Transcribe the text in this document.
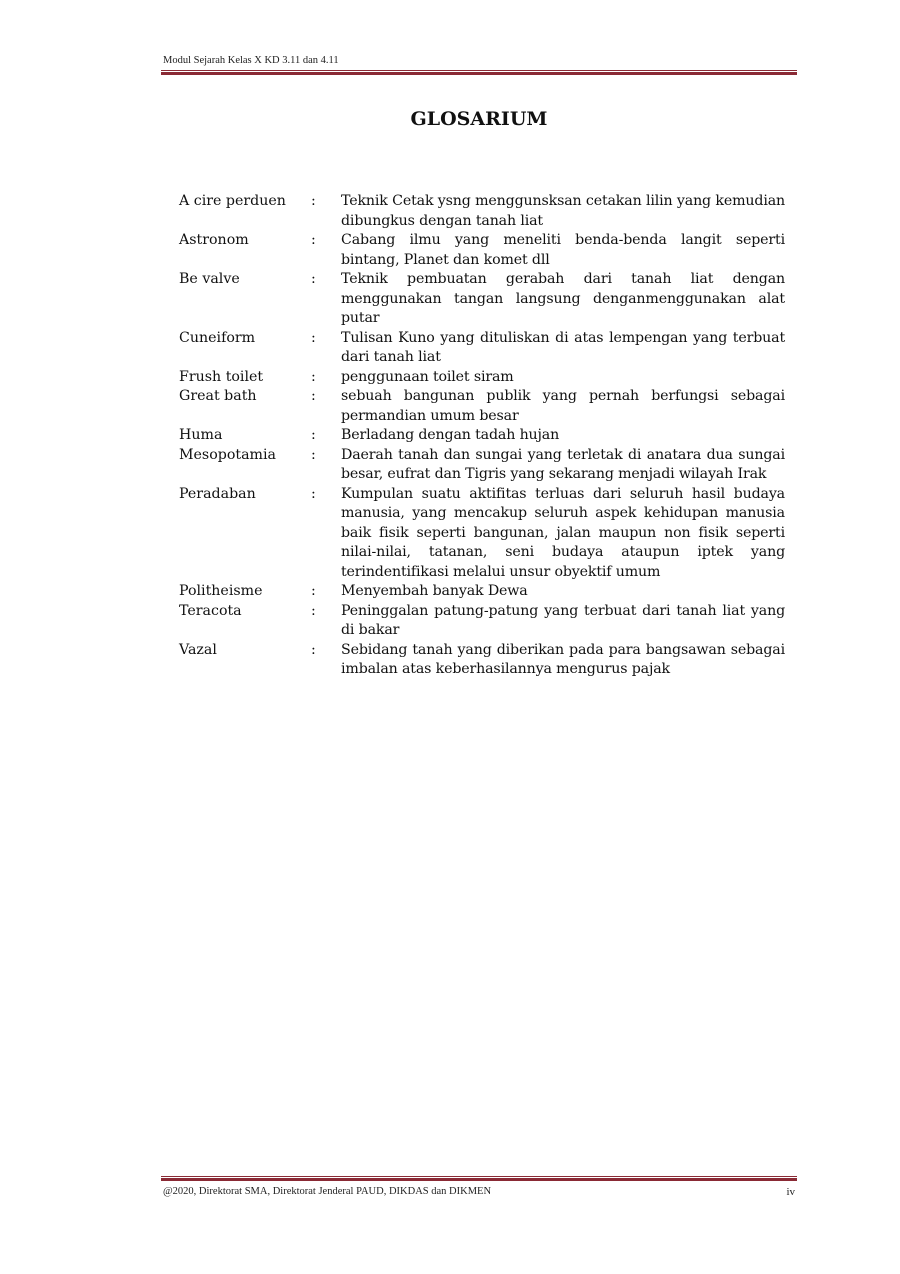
Modul Sejarah Kelas X KD 3.11 dan 4.11
GLOSARIUM
A cire perduen	:	Teknik Cetak ysng menggunsksan cetakan lilin yang kemudian dibungkus dengan tanah liat
Astronom	:	Cabang ilmu yang meneliti benda-benda langit seperti bintang, Planet dan komet dll
Be valve	:	Teknik pembuatan gerabah dari tanah liat dengan menggunakan tangan langsung denganmenggunakan alat putar
Cuneiform	:	Tulisan Kuno yang dituliskan di atas lempengan yang terbuat dari tanah liat
Frush toilet	:	penggunaan toilet siram
Great bath	:	sebuah bangunan publik yang pernah berfungsi sebagai permandian umum besar
Huma	:	Berladang dengan tadah hujan
Mesopotamia	:	Daerah tanah dan sungai yang terletak di anatara dua sungai besar, eufrat dan Tigris yang sekarang menjadi wilayah Irak
Peradaban	:	Kumpulan suatu aktifitas terluas dari seluruh hasil budaya manusia, yang mencakup seluruh aspek kehidupan manusia baik fisik seperti bangunan, jalan maupun non fisik seperti nilai-nilai, tatanan, seni budaya ataupun iptek yang terindentifikasi melalui unsur obyektif umum
Politheisme	:	Menyembah banyak Dewa
Teracota	:	Peninggalan patung-patung yang terbuat dari tanah liat yang di bakar
Vazal	:	Sebidang tanah yang diberikan pada para bangsawan sebagai imbalan atas keberhasilannya mengurus pajak
@2020, Direktorat SMA, Direktorat Jenderal PAUD, DIKDAS dan DIKMEN	iv
